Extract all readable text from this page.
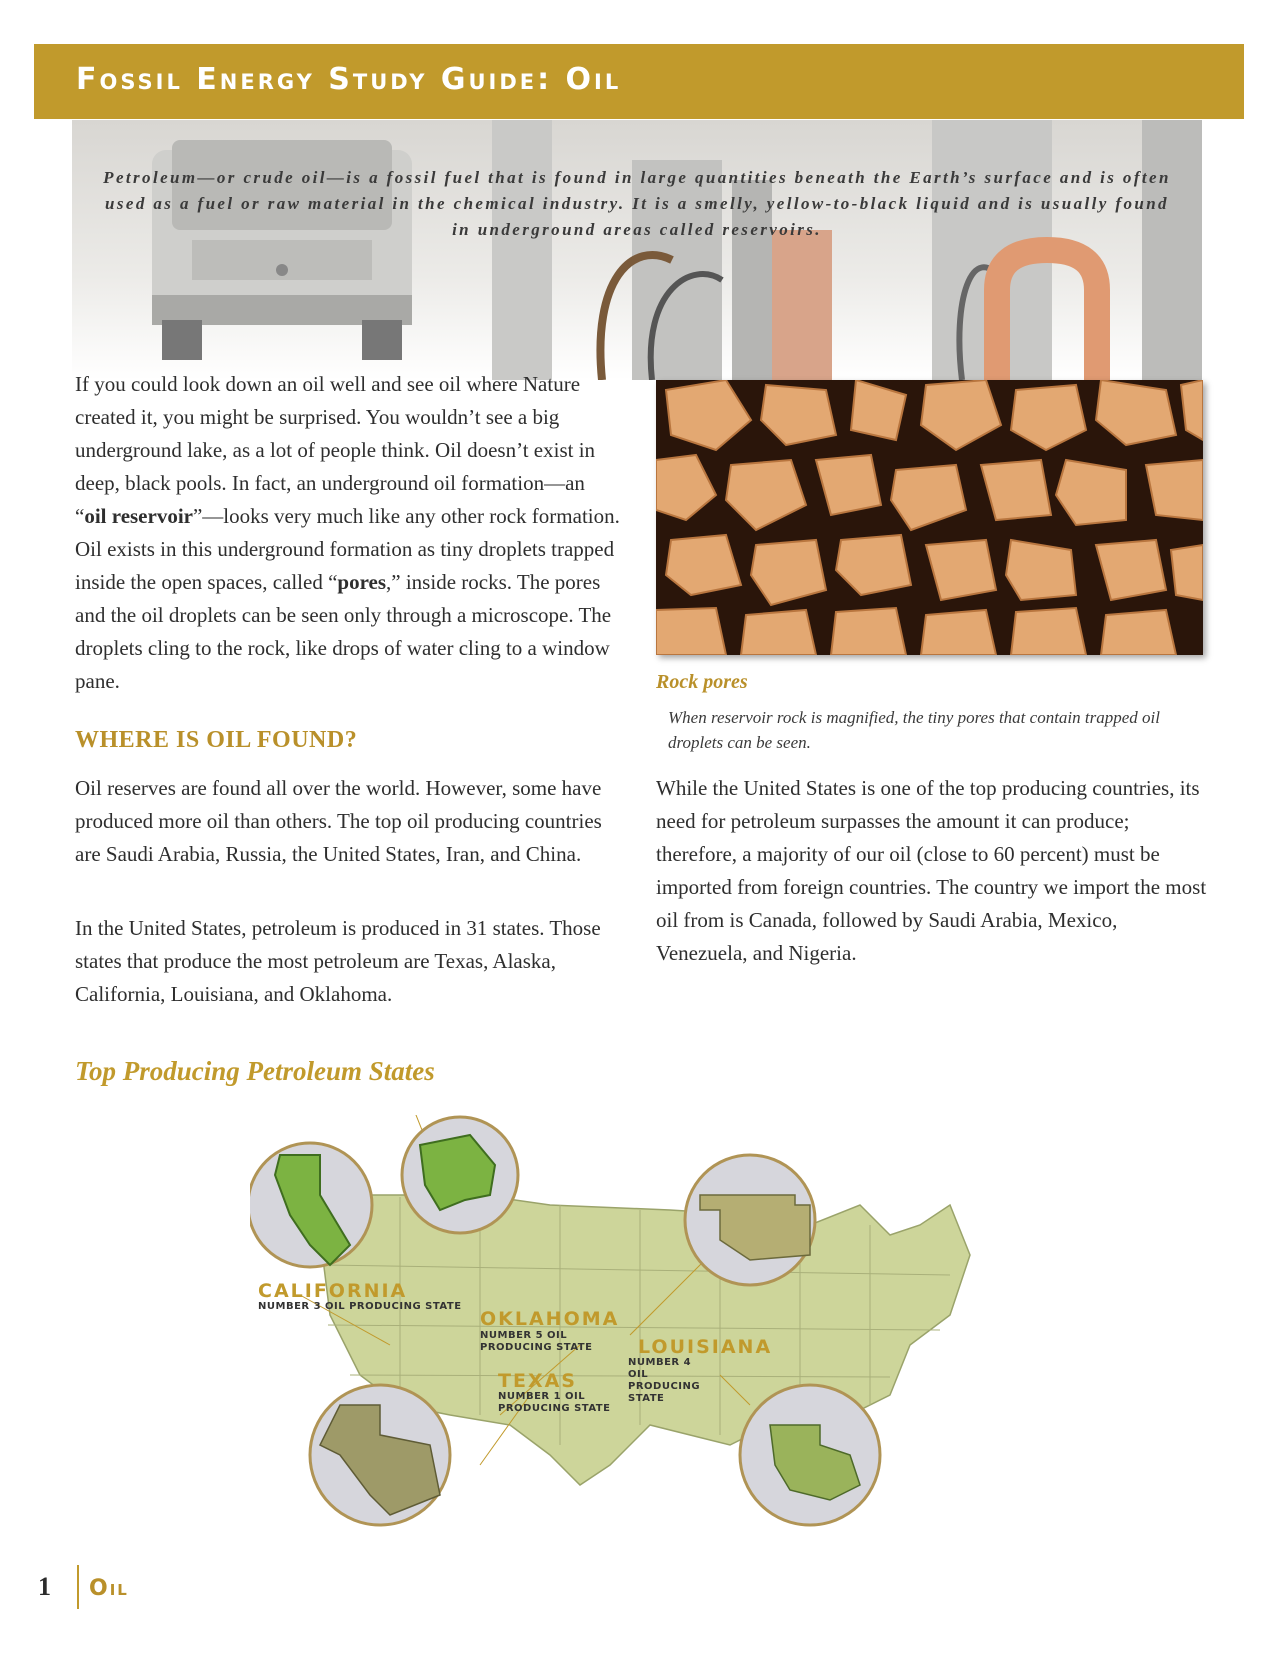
Fossil Energy Study Guide: Oil

Petroleum—or crude oil—is a fossil fuel that is found in large quantities beneath the Earth’s surface and is often used as a fuel or raw material in the chemical industry. It is a smelly, yellow-to-black liquid and is usually found in underground areas called reservoirs.

If you could look down an oil well and see oil where Nature created it, you might be surprised. You wouldn’t see a big underground lake, as a lot of people think. Oil doesn’t exist in deep, black pools. In fact, an underground oil formation—an “oil reservoir”—looks very much like any other rock formation. Oil exists in this underground formation as tiny droplets trapped inside the open spaces, called “pores,” inside rocks. The pores and the oil droplets can be seen only through a microscope. The droplets cling to the rock, like drops of water cling to a window pane.

WHERE IS OIL FOUND?

Oil reserves are found all over the world. However, some have produced more oil than others. The top oil producing countries are Saudi Arabia, Russia, the United States, Iran, and China.

In the United States, petroleum is produced in 31 states. Those states that produce the most petroleum are Texas, Alaska, California, Louisiana, and Oklahoma.

Rock pores

When reservoir rock is magnified, the tiny pores that contain trapped oil droplets can be seen.

While the United States is one of the top producing countries, its need for petroleum surpasses the amount it can produce; therefore, a majority of our oil (close to 60 percent) must be imported from foreign countries. The country we import the most oil from is Canada, followed by Saudi Arabia, Mexico, Venezuela, and Nigeria.

Top Producing Petroleum States
CALIFORNIA
NUMBER 3 OIL PRODUCING STATE
OKLAHOMA
NUMBER 5 OIL
PRODUCING STATE
TEXAS
NUMBER 1 OIL
PRODUCING STATE
LOUISIANA
NUMBER 4
OIL
PRODUCING
STATE

1 Oil
